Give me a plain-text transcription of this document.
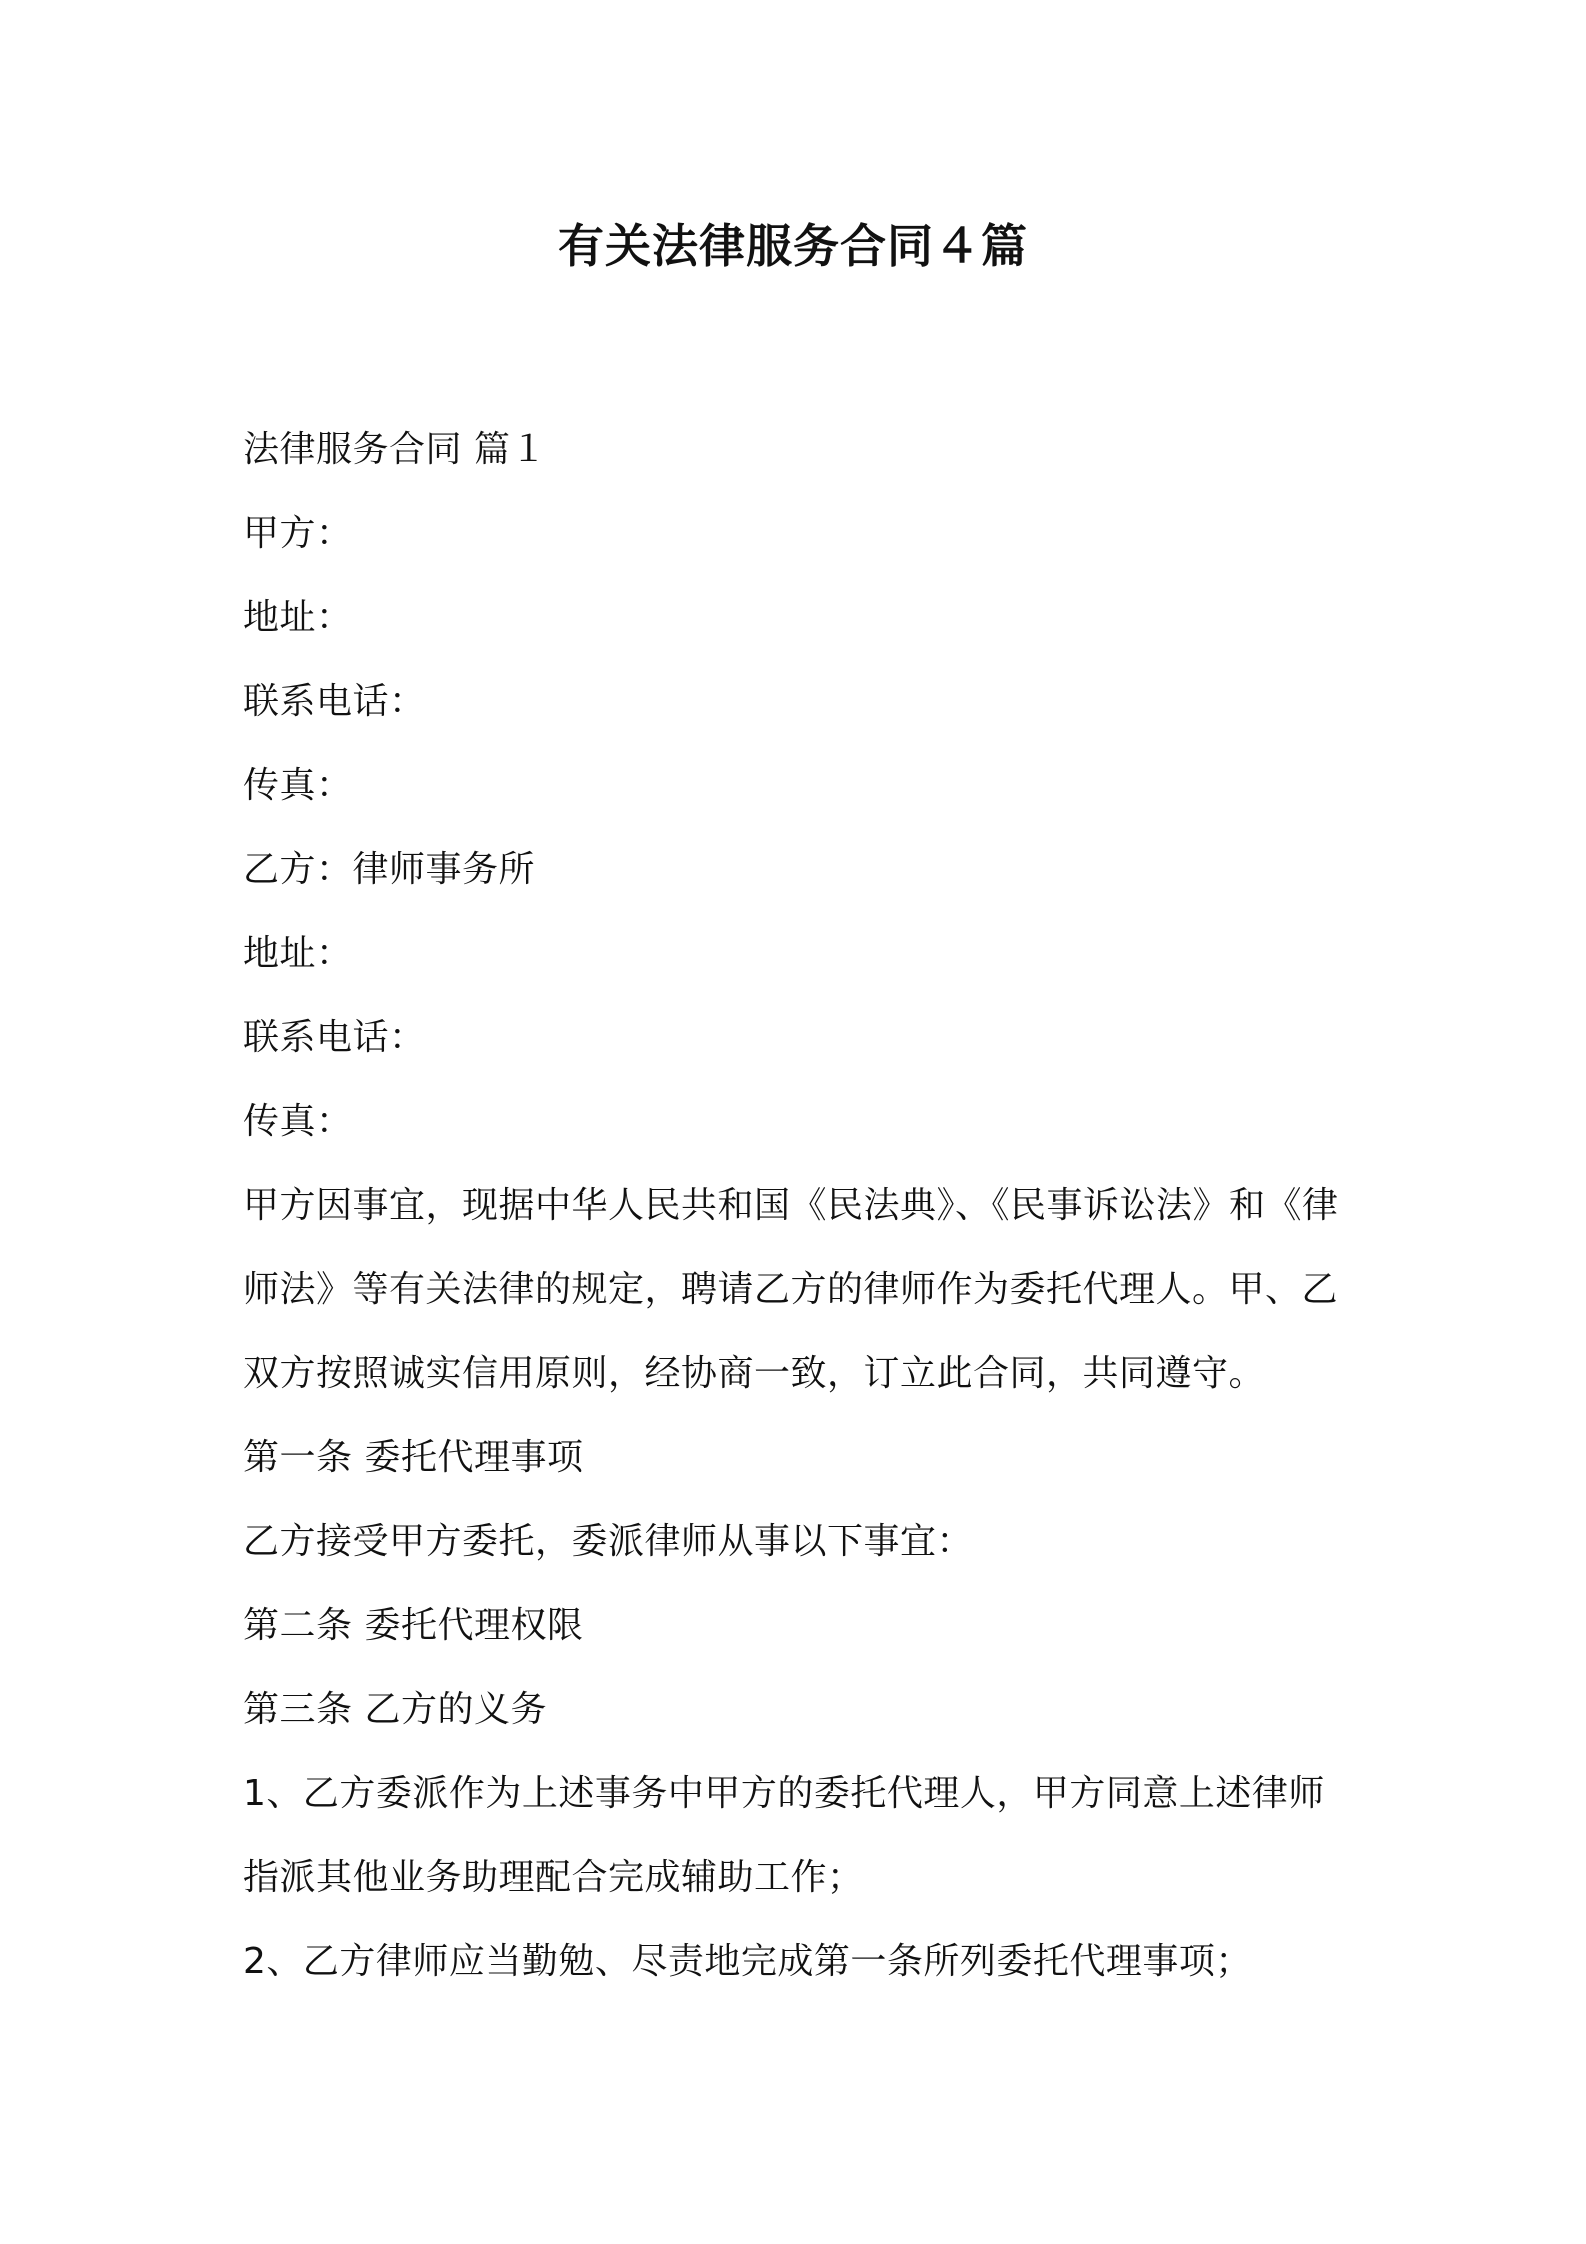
有关法律服务合同４篇
法律服务合同 篇１
甲方：
地址：
联系电话：
传真：
乙方：律师事务所
地址：
联系电话：
传真：
甲方因事宜，现据中华人民共和国《民法典》、《民事诉讼法》和《律
师法》等有关法律的规定，聘请乙方的律师作为委托代理人。甲、乙
双方按照诚实信用原则，经协商一致，订立此合同，共同遵守。
第一条 委托代理事项
乙方接受甲方委托，委派律师从事以下事宜：
第二条 委托代理权限
第三条 乙方的义务
1、乙方委派作为上述事务中甲方的委托代理人，甲方同意上述律师
指派其他业务助理配合完成辅助工作；
2、乙方律师应当勤勉、尽责地完成第一条所列委托代理事项；
